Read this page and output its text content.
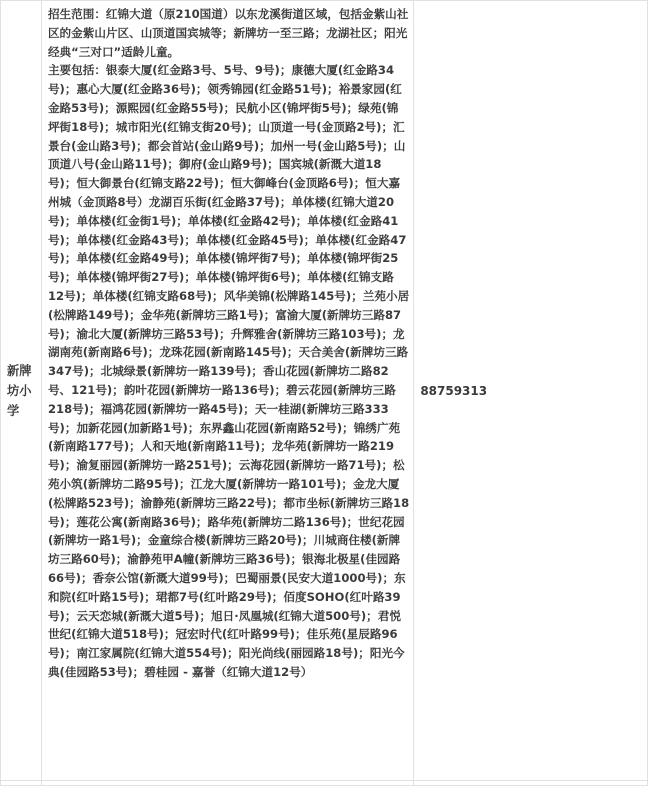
新牌坊小学	招生范围：红锦大道（原210国道）以东龙溪街道区域，包括金紫山社区的金紫山片区、山顶道国宾城等；新牌坊一至三路；龙湖社区；阳光经典“三对口”适龄儿童。
主要包括：银泰大厦(红金路3号、5号、9号)；康德大厦(红金路34号)；惠心大厦(红金路36号)；领秀锦园(红金路51号)；裕景家园(红金路53号)；源熙园(红金路55号)；民航小区(锦坪街5号)；绿苑(锦坪街18号)；城市阳光(红锦支街20号)；山顶道一号(金顶路2号)；汇景台(金山路3号)；都会首站(金山路9号)；加州一号(金山路5号)；山顶道八号(金山路11号)；御府(金山路9号)；国宾城(新溉大道18号)；恒大御景台(红锦支路22号)；恒大御峰台(金顶路6号)；恒大嘉州城（金顶路8号）龙湖百乐街(红金路37号)；单体楼(红锦大道20号)；单体楼(红金街1号)；单体楼(红金路42号)；单体楼(红金路41号)；单体楼(红金路43号)；单体楼(红金路45号)；单体楼(红金路47号)；单体楼(红金路49号)；单体楼(锦坪街7号)；单体楼(锦坪街25号)；单体楼(锦坪街27号)；单体楼(锦坪街6号)；单体楼(红锦支路12号)；单体楼(红锦支路68号)；风华美锦(松牌路145号)；兰苑小居(松牌路149号)；金华苑(新牌坊三路1号)；富渝大厦(新牌坊三路87号)；渝北大厦(新牌坊三路53号)；升辉雅舍(新牌坊三路103号)；龙湖南苑(新南路6号)；龙珠花园(新南路145号)；天合美舍(新牌坊三路347号)；北城绿景(新牌坊一路139号)；香山花园(新牌坊二路82号、121号)；韵叶花园(新牌坊一路136号)；碧云花园(新牌坊三路218号)；福鸿花园(新牌坊一路45号)；天一桂湖(新牌坊三路333号)；加新花园(加新路1号)；东界鑫山花园(新南路52号)；锦绣广苑(新南路177号)；人和天地(新南路11号)；龙华苑(新牌坊一路219号)；渝复丽园(新牌坊一路251号)；云海花园(新牌坊一路71号)；松苑小筑(新牌坊二路95号)；江龙大厦(新牌坊一路101号)；金龙大厦(松牌路523号)；渝静苑(新牌坊三路22号)；都市坐标(新牌坊三路18号)；莲花公寓(新南路36号)；路华苑(新牌坊二路136号)；世纪花园(新牌坊一路1号)；金童综合楼(新牌坊三路20号)；川城商住楼(新牌坊三路60号)；渝静苑甲A幢(新牌坊三路36号)；银海北极星(佳园路66号)；香奈公馆(新溉大道99号)；巴蜀丽景(民安大道1000号)；东和院(红叶路15号)；珺都7号(红叶路29号)；佰度SOHO(红叶路39号)；云天恋城(新溉大道5号)；旭日·凤凰城(红锦大道500号)；君悦世纪(红锦大道518号)；冠宏时代(红叶路99号)；佳乐苑(星辰路96号)；南江家属院(红锦大道554号)；阳光尚线(丽园路18号)；阳光今典(佳园路53号)；碧桂园 - 嘉誉（红锦大道12号）	88759313
